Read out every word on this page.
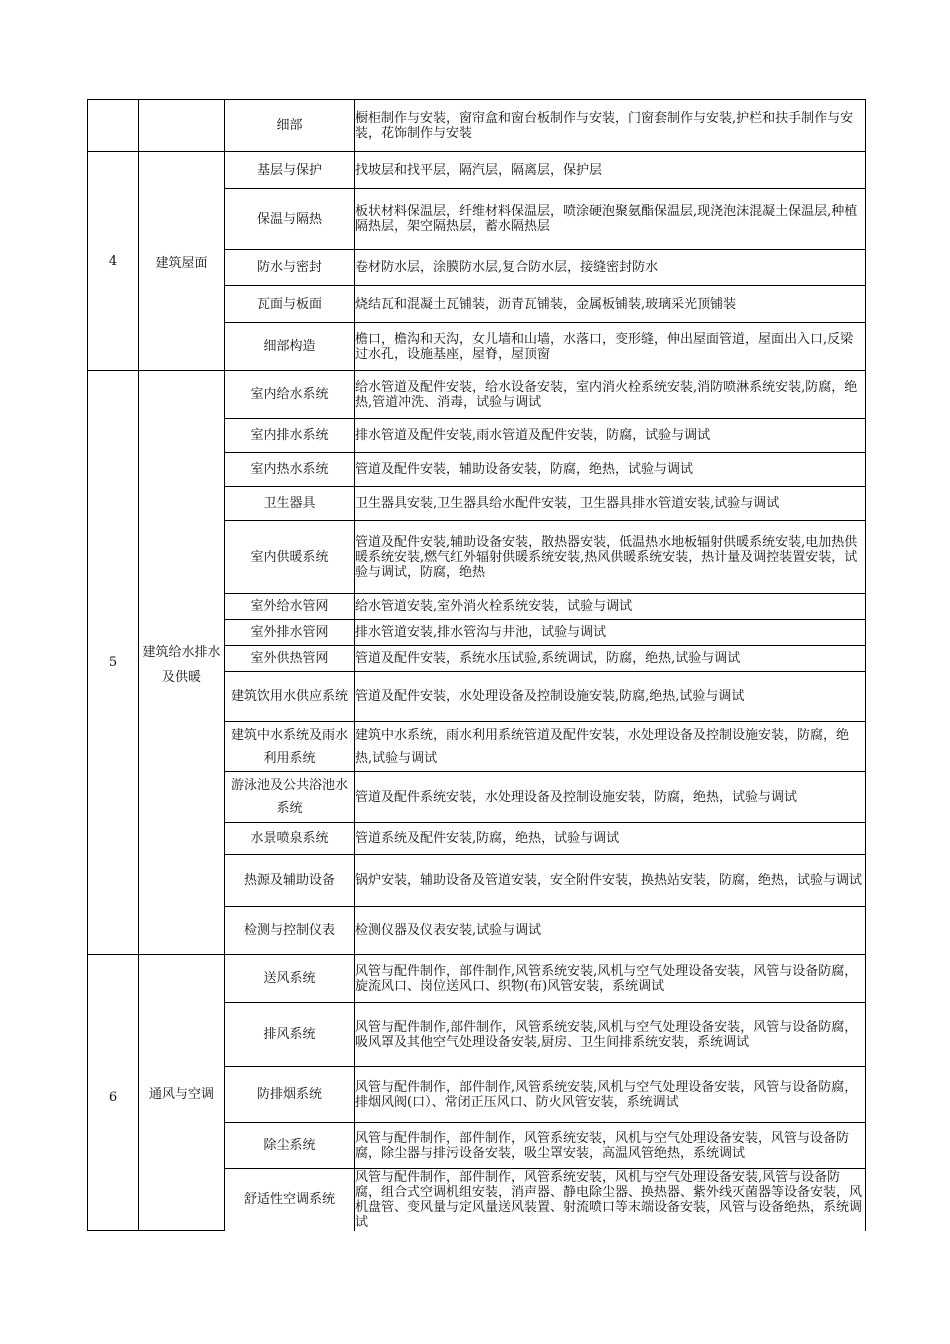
		细部	橱柜制作与安装，窗帘盒和窗台板制作与安装，门窗套制作与安装,护栏和扶手制作与安装，花饰制作与安装
4	建筑屋面	基层与保护	找坡层和找平层，隔汽层，隔离层，保护层
		保温与隔热	板状材料保温层，纤维材料保温层，喷涂硬泡聚氨酯保温层,现浇泡沫混凝土保温层,种植隔热层，架空隔热层，蓄水隔热层
		防水与密封	卷材防水层，涂膜防水层,复合防水层，接缝密封防水
		瓦面与板面	烧结瓦和混凝土瓦铺装，沥青瓦铺装，金属板铺装,玻璃采光顶铺装
		细部构造	檐口，檐沟和天沟，女儿墙和山墙，水落口，变形缝，伸出屋面管道，屋面出入口,反梁过水孔，设施基座，屋脊，屋顶窗
5	建筑给水排水及供暖	室内给水系统	给水管道及配件安装，给水设备安装，室内消火栓系统安装,消防喷淋系统安装,防腐，绝热,管道冲洗、消毒，试验与调试
		室内排水系统	排水管道及配件安装,雨水管道及配件安装，防腐，试验与调试
		室内热水系统	管道及配件安装，辅助设备安装，防腐，绝热，试验与调试
		卫生器具	卫生器具安装,卫生器具给水配件安装，卫生器具排水管道安装,试验与调试
		室内供暖系统	管道及配件安装,辅助设备安装，散热器安装，低温热水地板辐射供暖系统安装,电加热供暖系统安装,燃气红外辐射供暖系统安装,热风供暖系统安装，热计量及调控装置安装，试验与调试，防腐，绝热
		室外给水管网	给水管道安装,室外消火栓系统安装，试验与调试
		室外排水管网	排水管道安装,排水管沟与井池，试验与调试
		室外供热管网	管道及配件安装，系统水压试验,系统调试，防腐，绝热,试验与调试
		建筑饮用水供应系统	管道及配件安装，水处理设备及控制设施安装,防腐,绝热,试验与调试
		建筑中水系统及雨水利用系统	建筑中水系统，雨水利用系统管道及配件安装，水处理设备及控制设施安装，防腐，绝热,试验与调试
		游泳池及公共浴池水系统	管道及配件系统安装，水处理设备及控制设施安装，防腐，绝热，试验与调试
		水景喷泉系统	管道系统及配件安装,防腐，绝热，试验与调试
		热源及辅助设备	锅炉安装，辅助设备及管道安装，安全附件安装，换热站安装，防腐，绝热，试验与调试
		检测与控制仪表	检测仪器及仪表安装,试验与调试

6	通风与空调	送风系统	风管与配件制作，部件制作,风管系统安装,风机与空气处理设备安装，风管与设备防腐，旋流风口、岗位送风口、织物(布)风管安装，系统调试
		排风系统	风管与配件制作,部件制作，风管系统安装,风机与空气处理设备安装，风管与设备防腐，吸风罩及其他空气处理设备安装,厨房、卫生间排系统安装，系统调试
		防排烟系统	风管与配件制作，部件制作,风管系统安装,风机与空气处理设备安装，风管与设备防腐，排烟风阀(口）、常闭正压风口、防火风管安装，系统调试
		除尘系统	风管与配件制作，部件制作，风管系统安装，风机与空气处理设备安装，风管与设备防腐，除尘器与排污设备安装，吸尘罩安装，高温风管绝热，系统调试
		舒适性空调系统	风管与配件制作，部件制作，风管系统安装，风机与空气处理设备安装,风管与设备防腐，组合式空调机组安装，消声器、静电除尘器、换热器、紫外线灭菌器等设备安装，风机盘管、变风量与定风量送风装置、射流喷口等末端设备安装，风管与设备绝热，系统调试
